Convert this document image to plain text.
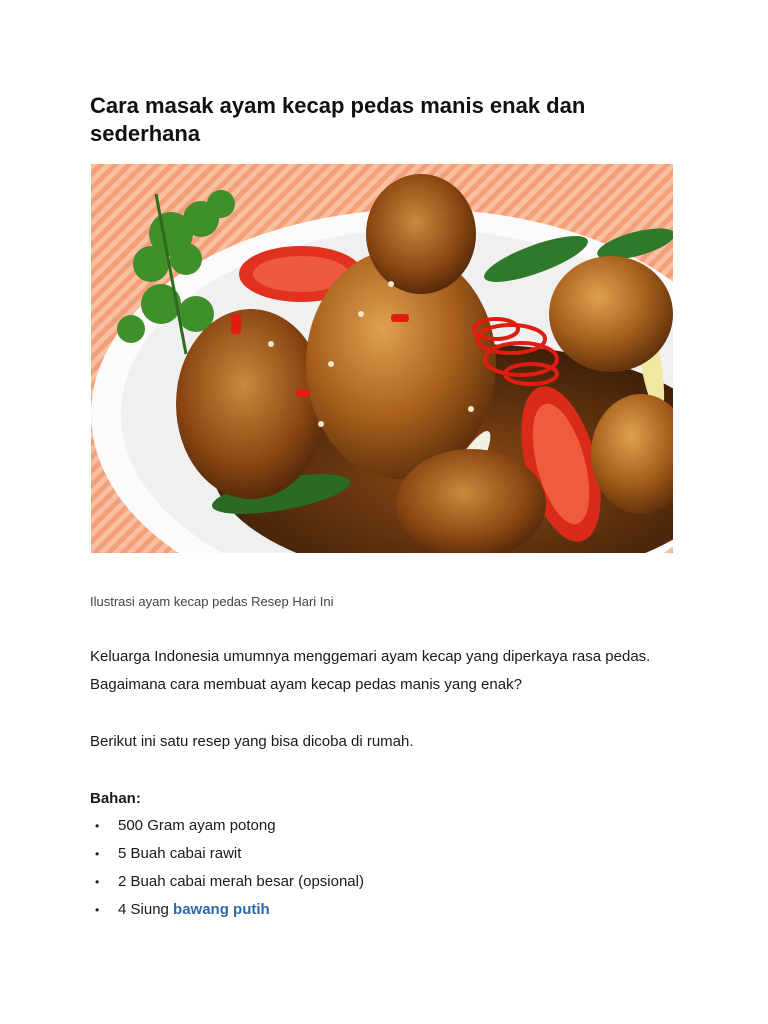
Cara masak ayam kecap pedas manis enak dan sederhana
Ilustrasi ayam kecap pedas Resep Hari Ini

Keluarga Indonesia umumnya menggemari ayam kecap yang diperkaya rasa pedas. Bagaimana cara membuat ayam kecap pedas manis yang enak?

Berikut ini satu resep yang bisa dicoba di rumah.

Bahan:

• 500 Gram ayam potong
• 5 Buah cabai rawit
• 2 Buah cabai merah besar (opsional)
• 4 Siung bawang putih
